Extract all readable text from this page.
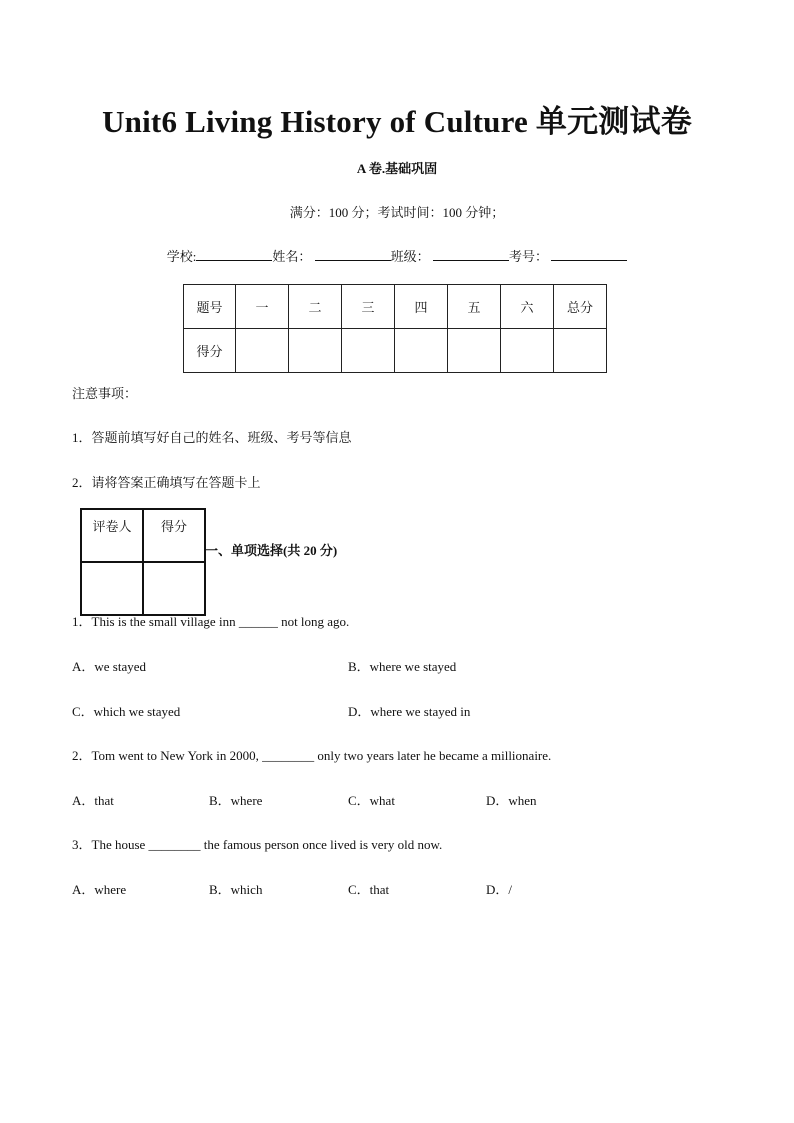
Unit6 Living History of Culture 单元测试卷
A 卷.基础巩固
满分：100 分；考试时间：100 分钟；
学校:	姓名：	班级：	考号：
题号	一	二	三	四	五	六	总分
得分							
注意事项：
1．答题前填写好自己的姓名、班级、考号等信息
2．请将答案正确填写在答题卡上
评卷人	得分

一、单项选择(共 20 分)
1．This is the small village inn ______ not long ago.
A．we stayed	B．where we stayed
C．which we stayed	D．where we stayed in
2．Tom went to New York in 2000, ________ only two years later he became a millionaire.
A．that	B．where	C．what	D．when
3．The house ________ the famous person once lived is very old now.
A．where	B．which	C．that	D．/
